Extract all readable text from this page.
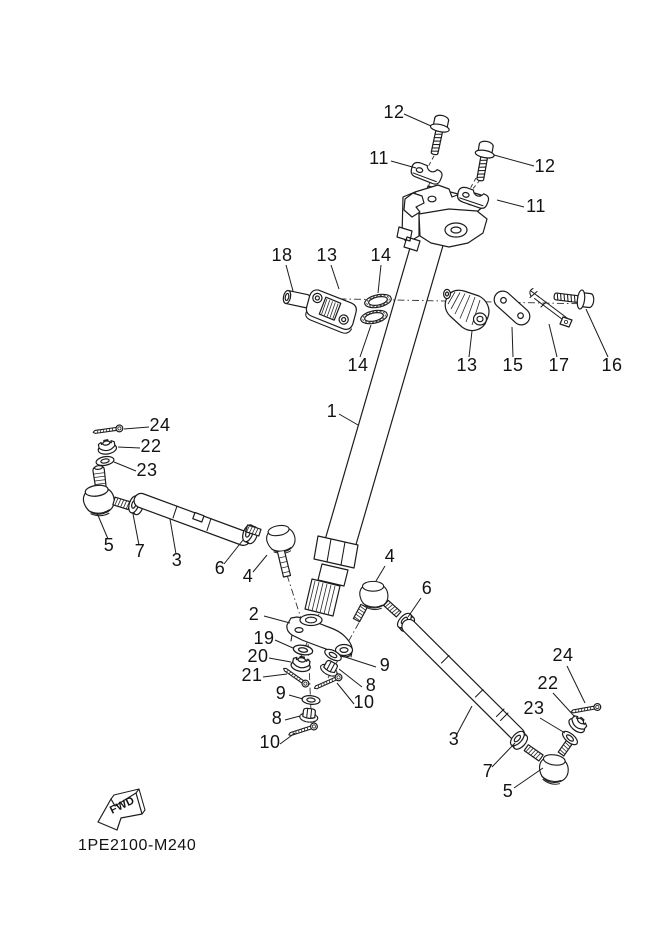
FWD
1PE2100-M240
12
12
11
11
18 13 14
14	13 15 17 16
1
24
22
23
5 7 3 6 4
4
6
2
19
20
21	9
8
10
9
8
10
24
22
23
3
7
5
